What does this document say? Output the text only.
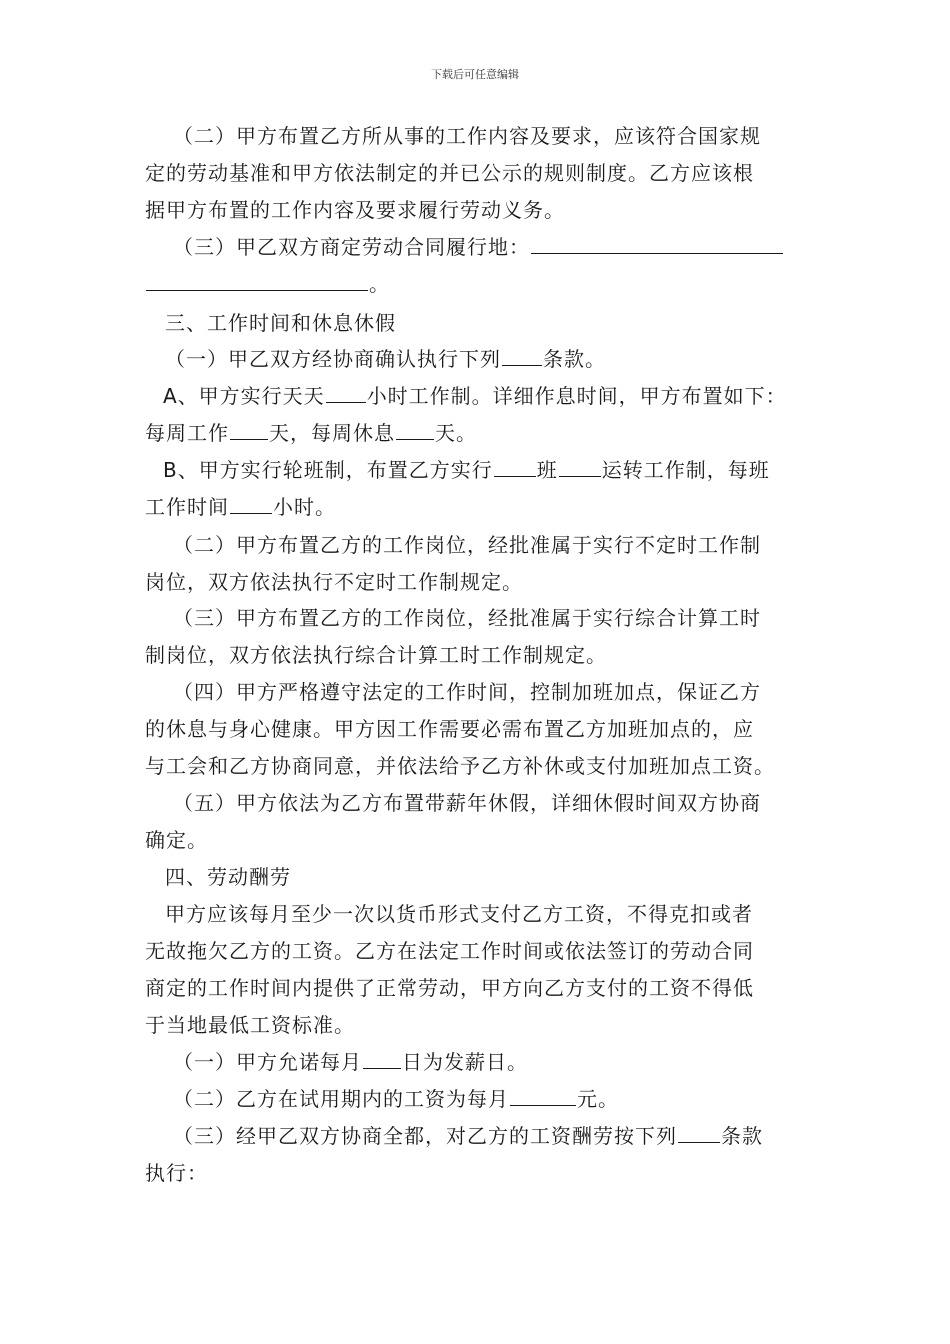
下载后可任意编辑
（二）甲方布置乙方所从事的工作内容及要求，应该符合国家规
定的劳动基准和甲方依法制定的并已公示的规则制度。乙方应该根
据甲方布置的工作内容及要求履行劳动义务。
（三）甲乙双方商定劳动合同履行地：
。
三、工作时间和休息休假
（一）甲乙双方经协商确认执行下列 条款。
A、甲方实行天天 小时工作制。详细作息时间，甲方布置如下：
每周工作 天，每周休息 天。
B、甲方实行轮班制，布置乙方实行 班 运转工作制，每班
工作时间 小时。
（二）甲方布置乙方的工作岗位，经批准属于实行不定时工作制
岗位，双方依法执行不定时工作制规定。
（三）甲方布置乙方的工作岗位，经批准属于实行综合计算工时
制岗位，双方依法执行综合计算工时工作制规定。
（四）甲方严格遵守法定的工作时间，控制加班加点，保证乙方
的休息与身心健康。甲方因工作需要必需布置乙方加班加点的，应
与工会和乙方协商同意，并依法给予乙方补休或支付加班加点工资。
（五）甲方依法为乙方布置带薪年休假，详细休假时间双方协商
确定。
四、劳动酬劳
甲方应该每月至少一次以货币形式支付乙方工资，不得克扣或者
无故拖欠乙方的工资。乙方在法定工作时间或依法签订的劳动合同
商定的工作时间内提供了正常劳动，甲方向乙方支付的工资不得低
于当地最低工资标准。
（一）甲方允诺每月 日为发薪日。
（二）乙方在试用期内的工资为每月	元。
（三）经甲乙双方协商全都，对乙方的工资酬劳按下列 条款
执行：
